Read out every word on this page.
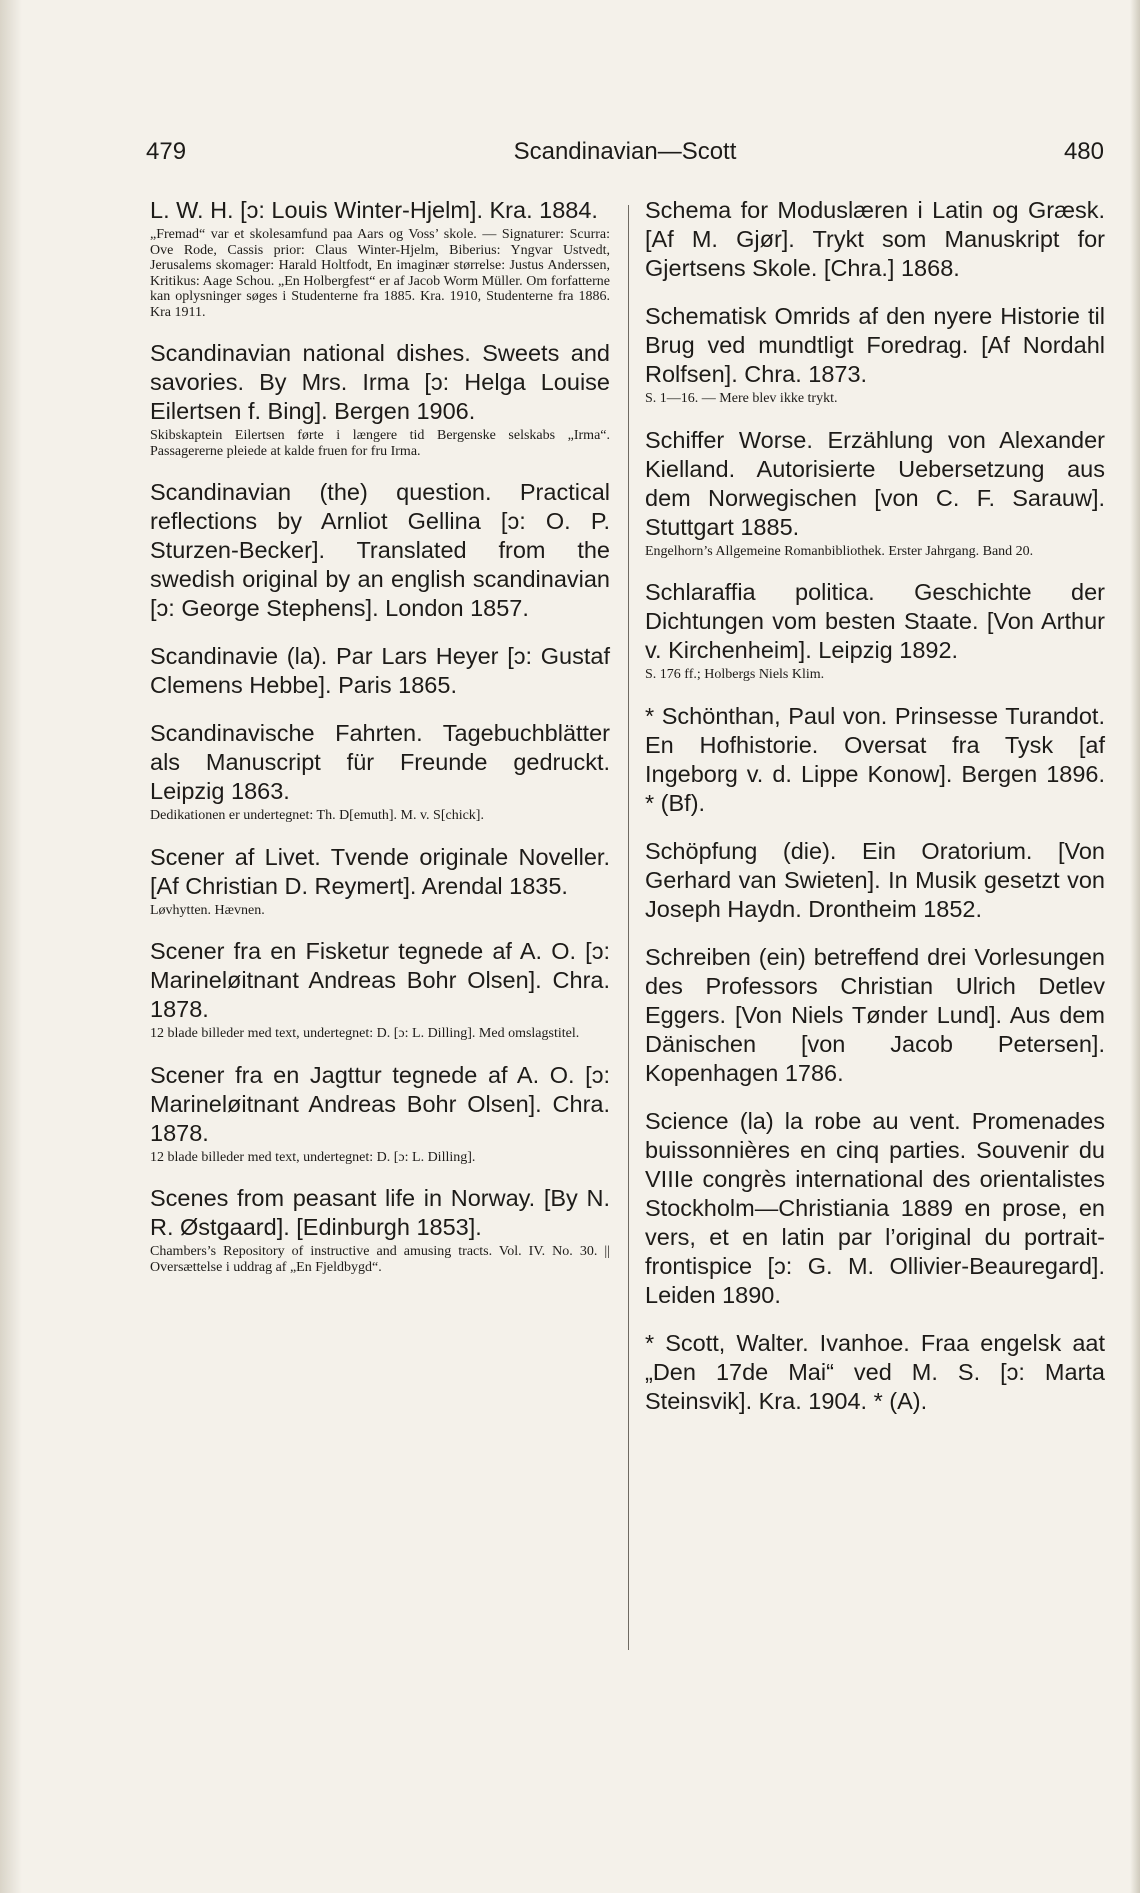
479	Scandinavian—Scott	480

L. W. H. [ɔ: Louis Winter-Hjelm]. Kra. 1884.

„Fremad“ var et skolesamfund paa Aars og Voss’ skole. — Signaturer: Scurra: Ove Rode, Cassis prior: Claus Winter-Hjelm, Biberius: Yngvar Ustvedt, Jerusalems skomager: Harald Holtfodt, En imaginær størrelse: Justus Anderssen, Kritikus: Aage Schou. „En Holbergfest“ er af Jacob Worm Müller. Om forfatterne kan oplysninger søges i Studenterne fra 1885. Kra. 1910, Studenterne fra 1886. Kra 1911.

Scandinavian national dishes. Sweets and savories. By Mrs. Irma [ɔ: Helga Louise Eilertsen f. Bing]. Bergen 1906.

Skibskaptein Eilertsen førte i længere tid Bergenske selskabs „Irma“. Passagererne pleiede at kalde fruen for fru Irma.

Scandinavian (the) question. Practical reflections by Arnliot Gellina [ɔ: O. P. Sturzen-Becker]. Translated from the swedish original by an english scandinavian [ɔ: George Stephens]. London 1857.

Scandinavie (la). Par Lars Heyer [ɔ: Gustaf Clemens Hebbe]. Paris 1865.

Scandinavische Fahrten. Tagebuchblätter als Manuscript für Freunde gedruckt. Leipzig 1863.

Dedikationen er undertegnet: Th. D[emuth]. M. v. S[chick].

Scener af Livet. Tvende originale Noveller. [Af Christian D. Reymert]. Arendal 1835.

Løvhytten. Hævnen.

Scener fra en Fisketur tegnede af A. O. [ɔ: Marineløitnant Andreas Bohr Olsen]. Chra. 1878.

12 blade billeder med text, undertegnet: D. [ɔ: L. Dilling]. Med omslagstitel.

Scener fra en Jagttur tegnede af A. O. [ɔ: Marineløitnant Andreas Bohr Olsen]. Chra. 1878.

12 blade billeder med text, undertegnet: D. [ɔ: L. Dilling].

Scenes from peasant life in Norway. [By N. R. Østgaard]. [Edinburgh 1853].

Chambers’s Repository of instructive and amusing tracts. Vol. IV. No. 30. || Oversættelse i uddrag af „En Fjeldbygd“.

Schema for Moduslæren i Latin og Græsk. [Af M. Gjør]. Trykt som Manuskript for Gjertsens Skole. [Chra.] 1868.

Schematisk Omrids af den nyere Historie til Brug ved mundtligt Foredrag. [Af Nordahl Rolfsen]. Chra. 1873.

S. 1—16. — Mere blev ikke trykt.

Schiffer Worse. Erzählung von Alexander Kielland. Autorisierte Uebersetzung aus dem Norwegischen [von C. F. Sarauw]. Stuttgart 1885.

Engelhorn’s Allgemeine Romanbibliothek. Erster Jahrgang. Band 20.

Schlaraffia politica. Geschichte der Dichtungen vom besten Staate. [Von Arthur v. Kirchenheim]. Leipzig 1892.

S. 176 ff.; Holbergs Niels Klim.

* Schönthan, Paul von. Prinsesse Turandot. En Hofhistorie. Oversat fra Tysk [af Ingeborg v. d. Lippe Konow]. Bergen 1896. * (Bf).

Schöpfung (die). Ein Oratorium. [Von Gerhard van Swieten]. In Musik gesetzt von Joseph Haydn. Drontheim 1852.

Schreiben (ein) betreffend drei Vorlesungen des Professors Christian Ulrich Detlev Eggers. [Von Niels Tønder Lund]. Aus dem Dänischen [von Jacob Petersen]. Kopenhagen 1786.

Science (la) la robe au vent. Promenades buissonnières en cinq parties. Souvenir du VIIIe congrès international des orientalistes Stockholm—Christiania 1889 en prose, en vers, et en latin par l’original du portrait-frontispice [ɔ: G. M. Ollivier-Beauregard]. Leiden 1890.

* Scott, Walter. Ivanhoe. Fraa engelsk aat „Den 17de Mai“ ved M. S. [ɔ: Marta Steinsvik]. Kra. 1904. * (A).
